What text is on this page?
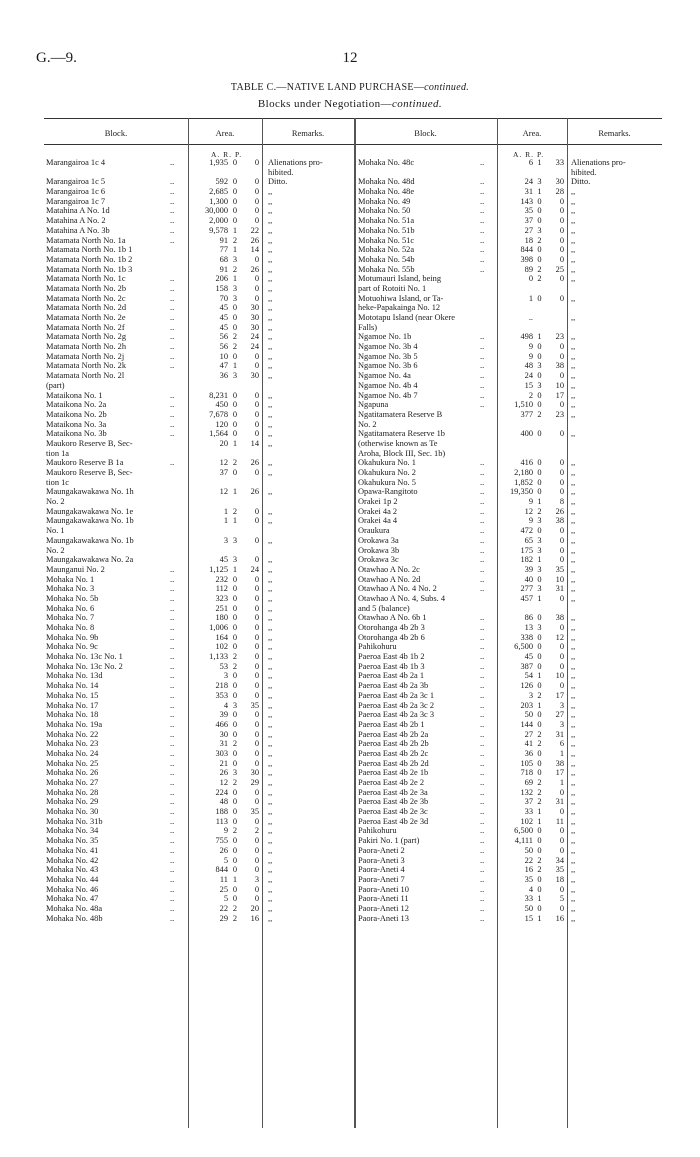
G.—9.	12
TABLE C.—NATIVE LAND PURCHASE—continued.
Blocks under Negotiation—continued.
Block.	Area.	Remarks.	Block.	Area.	Remarks.
A. R. P.
Marangairoa 1c 4	..	1,935 0	0 Alienations pro-
hibited.
Marangairoa 1c 5	..	592 0	0 Ditto.
Marangairoa 1c 6	..	2,685 0	0 ,,
Marangairoa 1c 7	..	1,300 0	0 ,,
Matahina A No. 1d	..	30,000 0	0 ,,
Matahina A No. 2	..	2,000 0	0 ,,
Matahina A No. 3b	..	9,578 1	22 ,,
Matamata North No. 1a	..	91 2	26 ,,
Matamata North No. 1b 1	77 1	14 ,,
Matamata North No. 1b 2	68 3	0 ,,
Matamata North No. 1b 3	91 2	26 ,,
Matamata North No. 1c	..	206 1	0 ,,
Matamata North No. 2b	..	158 3	0 ,,
Matamata North No. 2c	..	70 3	0 ,,
Matamata North No. 2d	..	45 0	30 ,,
Matamata North No. 2e	..	45 0	30 ,,
Matamata North No. 2f	..	45 0	30 ,,
Matamata North No. 2g	..	56 2	24 ,,
Matamata North No. 2h	..	56 2	24 ,,
Matamata North No. 2j	..	10 0	0 ,,
Matamata North No. 2k	..	47 1	0 ,,
Matamata North No. 2l	36 3	30 ,,
(part)
Mataikona No. 1	..	8,231 0	0 ,,
Mataikona No. 2a	..	450 0	0 ,,
Mataikona No. 2b	..	7,678 0	0 ,,
Mataikona No. 3a	..	120 0	0 ,,
Mataikona No. 3b	..	1,564 0	0 ,,
Maukoro Reserve B, Sec-	20 1	14 ,,
tion 1a
Maukoro Reserve B 1a	..	12 2	26 ,,
Maukoro Reserve B, Sec-	37 0	0 ,,
tion 1c
Maungakawakawa No. 1h	12 1	26 ,,
No. 2
Maungakawakawa No. 1e	1 2	0 ,,
Maungakawakawa No. 1b	1 1	0 ,,
No. 1
Maungakawakawa No. 1b	3 3	0 ,,
No. 2
Maungakawakawa No. 2a	45 3	0 ,,
Maunganui No. 2	..	1,125 1	24 ,,
Mohaka No. 1	..	232 0	0 ,,
Mohaka No. 3	..	112 0	0 ,,
Mohaka No. 5b	..	323 0	0 ,,
Mohaka No. 6	..	251 0	0 ,,
Mohaka No. 7	..	180 0	0 ,,
Mohaka No. 8	..	1,006 0	0 ,,
Mohaka No. 9b	..	164 0	0 ,,
Mohaka No. 9c	..	102 0	0 ,,
Mohaka No. 13c No. 1	..	1,133 2	0 ,,
Mohaka No. 13c No. 2	..	53 2	0 ,,
Mohaka No. 13d	..	3 0	0 ,,
Mohaka No. 14	..	218 0	0 ,,
Mohaka No. 15	..	353 0	0 ,,
Mohaka No. 17	..	4 3	35 ,,
Mohaka No. 18	..	39 0	0 ,,
Mohaka No. 19a	..	466 0	0 ,,
Mohaka No. 22	..	30 0	0 ,,
Mohaka No. 23	..	31 2	0 ,,
Mohaka No. 24	..	303 0	0 ,,
Mohaka No. 25	..	21 0	0 ,,
Mohaka No. 26	..	26 3	30 ,,
Mohaka No. 27	..	12 2	29 ,,
Mohaka No. 28	..	224 0	0 ,,
Mohaka No. 29	..	48 0	0 ,,
Mohaka No. 30	..	188 0	35 ,,
Mohaka No. 31b	..	113 0	0 ,,
Mohaka No. 34	..	9 2	2 ,,
Mohaka No. 35	..	755 0	0 ,,
Mohaka No. 41	..	26 0	0 ,,
Mohaka No. 42	..	5 0	0 ,,
Mohaka No. 43	..	844 0	0 ,,
Mohaka No. 44	..	11 1	3 ,,
Mohaka No. 46	..	25 0	0 ,,
Mohaka No. 47	..	5 0	0 ,,
Mohaka No. 48a	..	22 2	20 ,,
Mohaka No. 48b	..	29 2	16 ,,
A. R. P.
Mohaka No. 48c	..	6 1	33 Alienations pro-
hibited.
Mohaka No. 48d	..	24 3	30 Ditto.
Mohaka No. 48e	..	31 1	28 ,,
Mohaka No. 49	..	143 0	0 ,,
Mohaka No. 50	..	35 0	0 ,,
Mohaka No. 51a	..	37 0	0 ,,
Mohaka No. 51b	..	27 3	0 ,,
Mohaka No. 51c	..	18 2	0 ,,
Mohaka No. 52a	..	844 0	0 ,,
Mohaka No. 54b	..	398 0	0 ,,
Mohaka No. 55b	..	89 2	25 ,,
Motumauri Island, being	0 2	0 ,,
part of Rotoiti No. 1
Motuohiwa Island, or Ta-	1 0	0 ,,
heke-Papakainga No. 12
Mototapu Island (near Okere	..	,,
Falls)
Ngamoe No. 1b	..	498 1	23 ,,
Ngamoe No. 3b 4	..	9 0	0 ,,
Ngamoe No. 3b 5	..	9 0	0 ,,
Ngamoe No. 3b 6	..	48 3	38 ,,
Ngamoe No. 4a	..	24 0	0 ,,
Ngamoe No. 4b 4	..	15 3	10 ,,
Ngamoe No. 4b 7	..	2 0	17 ,,
Ngapuna	..	1,510 0	0 ,,
Ngatitamatera Reserve B	377 2	23 ,,
No. 2
Ngatitamatera Reserve 1b	400 0	0 ,,
(otherwise known as Te
Aroha, Block III, Sec. 1b)
Okahukura No. 1	..	416 0	0 ,,
Okahukura No. 2	..	2,180 0	0 ,,
Okahukura No. 5	..	1,852 0	0 ,,
Opawa-Rangitoto	..	19,350 0	0 ,,
Orakei 1p 2	..	9 1	8 ,,
Orakei 4a 2	..	12 2	26 ,,
Orakei 4a 4	..	9 3	38 ,,
Oraukura	..	472 0	0 ,,
Orokawa 3a	..	65 3	0 ,,
Orokawa 3b	..	175 3	0 ,,
Orokawa 3c	..	182 1	0 ,,
Otawhao A No. 2c	..	39 3	35 ,,
Otawhao A No. 2d	..	40 0	10 ,,
Otawhao A No. 4 No. 2	..	277 3	31 ,,
Otawhao A No. 4, Subs. 4	457 1	0 ,,
and 5 (balance)
Otawhao A No. 6b 1	..	86 0	38 ,,
Otorohanga 4b 2b 3	..	13 3	0 ,,
Otorohanga 4b 2b 6	..	338 0	12 ,,
Pahikohuru	..	6,500 0	0 ,,
Paeroa East 4b 1b 2	..	45 0	0 ,,
Paeroa East 4b 1b 3	..	387 0	0 ,,
Paeroa East 4b 2a 1	..	54 1	10 ,,
Paeroa East 4b 2a 3b	..	126 0	0 ,,
Paeroa East 4b 2a 3c 1	..	3 2	17 ,,
Paeroa East 4b 2a 3c 2	..	203 1	3 ,,
Paeroa East 4b 2a 3c 3	..	50 0	27 ,,
Paeroa East 4b 2b 1	..	144 0	3 ,,
Paeroa East 4b 2b 2a	..	27 2	31 ,,
Paeroa East 4b 2b 2b	..	41 2	6 ,,
Paeroa East 4b 2b 2c	..	36 0	1 ,,
Paeroa East 4b 2b 2d	..	105 0	38 ,,
Paeroa East 4b 2e 1b	..	718 0	17 ,,
Paeroa East 4b 2e 2	..	69 2	1 ,,
Paeroa East 4b 2e 3a	..	132 2	0 ,,
Paeroa East 4b 2e 3b	..	37 2	31 ,,
Paeroa East 4b 2e 3c	..	33 1	0 ,,
Paeroa East 4b 2e 3d	..	102 1	11 ,,
Pahikohuru	..	6,500 0	0 ,,
Pakiri No. 1 (part)	..	4,111 0	0 ,,
Paora-Aneti 2	..	50 0	0 ,,
Paora-Aneti 3	..	22 2	34 ,,
Paora-Aneti 4	..	16 2	35 ,,
Paora-Aneti 7	..	35 0	18 ,,
Paora-Aneti 10	..	4 0	0 ,,
Paora-Aneti 11	..	33 1	5 ,,
Paora-Aneti 12	..	50 0	0 ,,
Paora-Aneti 13	..	15 1	16 ,,
